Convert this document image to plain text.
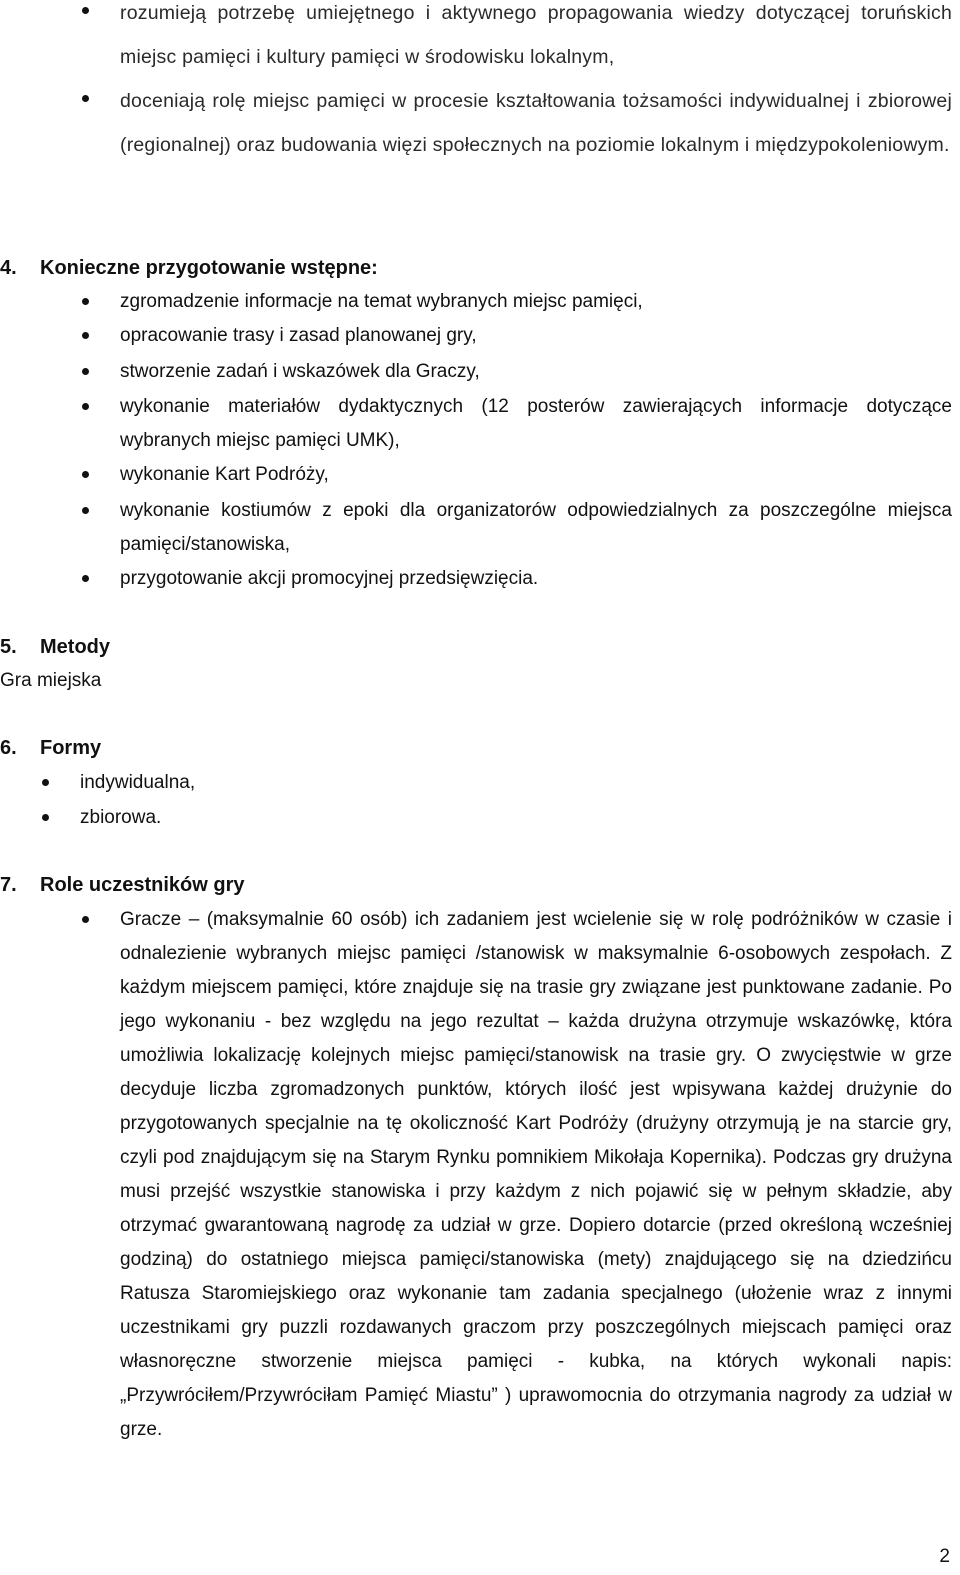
rozumieją potrzebę umiejętnego i aktywnego propagowania wiedzy dotyczącej toruńskich miejsc pamięci i kultury pamięci w środowisku lokalnym,
doceniają rolę miejsc pamięci w procesie kształtowania tożsamości indywidualnej i zbiorowej (regionalnej) oraz budowania więzi społecznych na poziomie lokalnym i międzypokoleniowym.
4.	Konieczne przygotowanie wstępne:
zgromadzenie informacje na temat wybranych miejsc pamięci,
opracowanie trasy i zasad planowanej gry,
stworzenie zadań i wskazówek dla Graczy,
wykonanie materiałów dydaktycznych (12 posterów zawierających informacje dotyczące wybranych miejsc pamięci UMK),
wykonanie Kart Podróży,
wykonanie kostiumów z epoki dla organizatorów odpowiedzialnych za poszczególne miejsca pamięci/stanowiska,
przygotowanie akcji promocyjnej przedsięwzięcia.
5.	Metody
Gra miejska
6.	Formy
indywidualna,
zbiorowa.
7.	Role uczestników gry
Gracze – (maksymalnie 60 osób) ich zadaniem jest wcielenie się w rolę podróżników w czasie i odnalezienie wybranych miejsc pamięci /stanowisk w maksymalnie 6-osobowych zespołach. Z każdym miejscem pamięci, które znajduje się na trasie gry związane jest punktowane zadanie. Po jego wykonaniu - bez względu na jego rezultat – każda drużyna otrzymuje wskazówkę, która umożliwia lokalizację kolejnych miejsc pamięci/stanowisk na trasie gry. O zwycięstwie w grze decyduje liczba zgromadzonych punktów, których ilość jest wpisywana każdej drużynie do przygotowanych specjalnie na tę okoliczność Kart Podróży (drużyny otrzymują je na starcie gry, czyli pod znajdującym się na Starym Rynku pomnikiem Mikołaja Kopernika). Podczas gry drużyna musi przejść wszystkie stanowiska i przy każdym z nich pojawić się w pełnym składzie, aby otrzymać gwarantowaną nagrodę za udział w grze. Dopiero dotarcie (przed określoną wcześniej godziną) do ostatniego miejsca pamięci/stanowiska (mety) znajdującego się na dziedzińcu Ratusza Staromiejskiego oraz wykonanie tam zadania specjalnego (ułożenie wraz z innymi uczestnikami gry puzzli rozdawanych graczom przy poszczególnych miejscach pamięci oraz własnoręczne stworzenie miejsca pamięci - kubka, na których wykonali napis: „Przywróciłem/Przywróciłam Pamięć Miastu” ) uprawomocnia do otrzymania nagrody za udział w grze.
2
